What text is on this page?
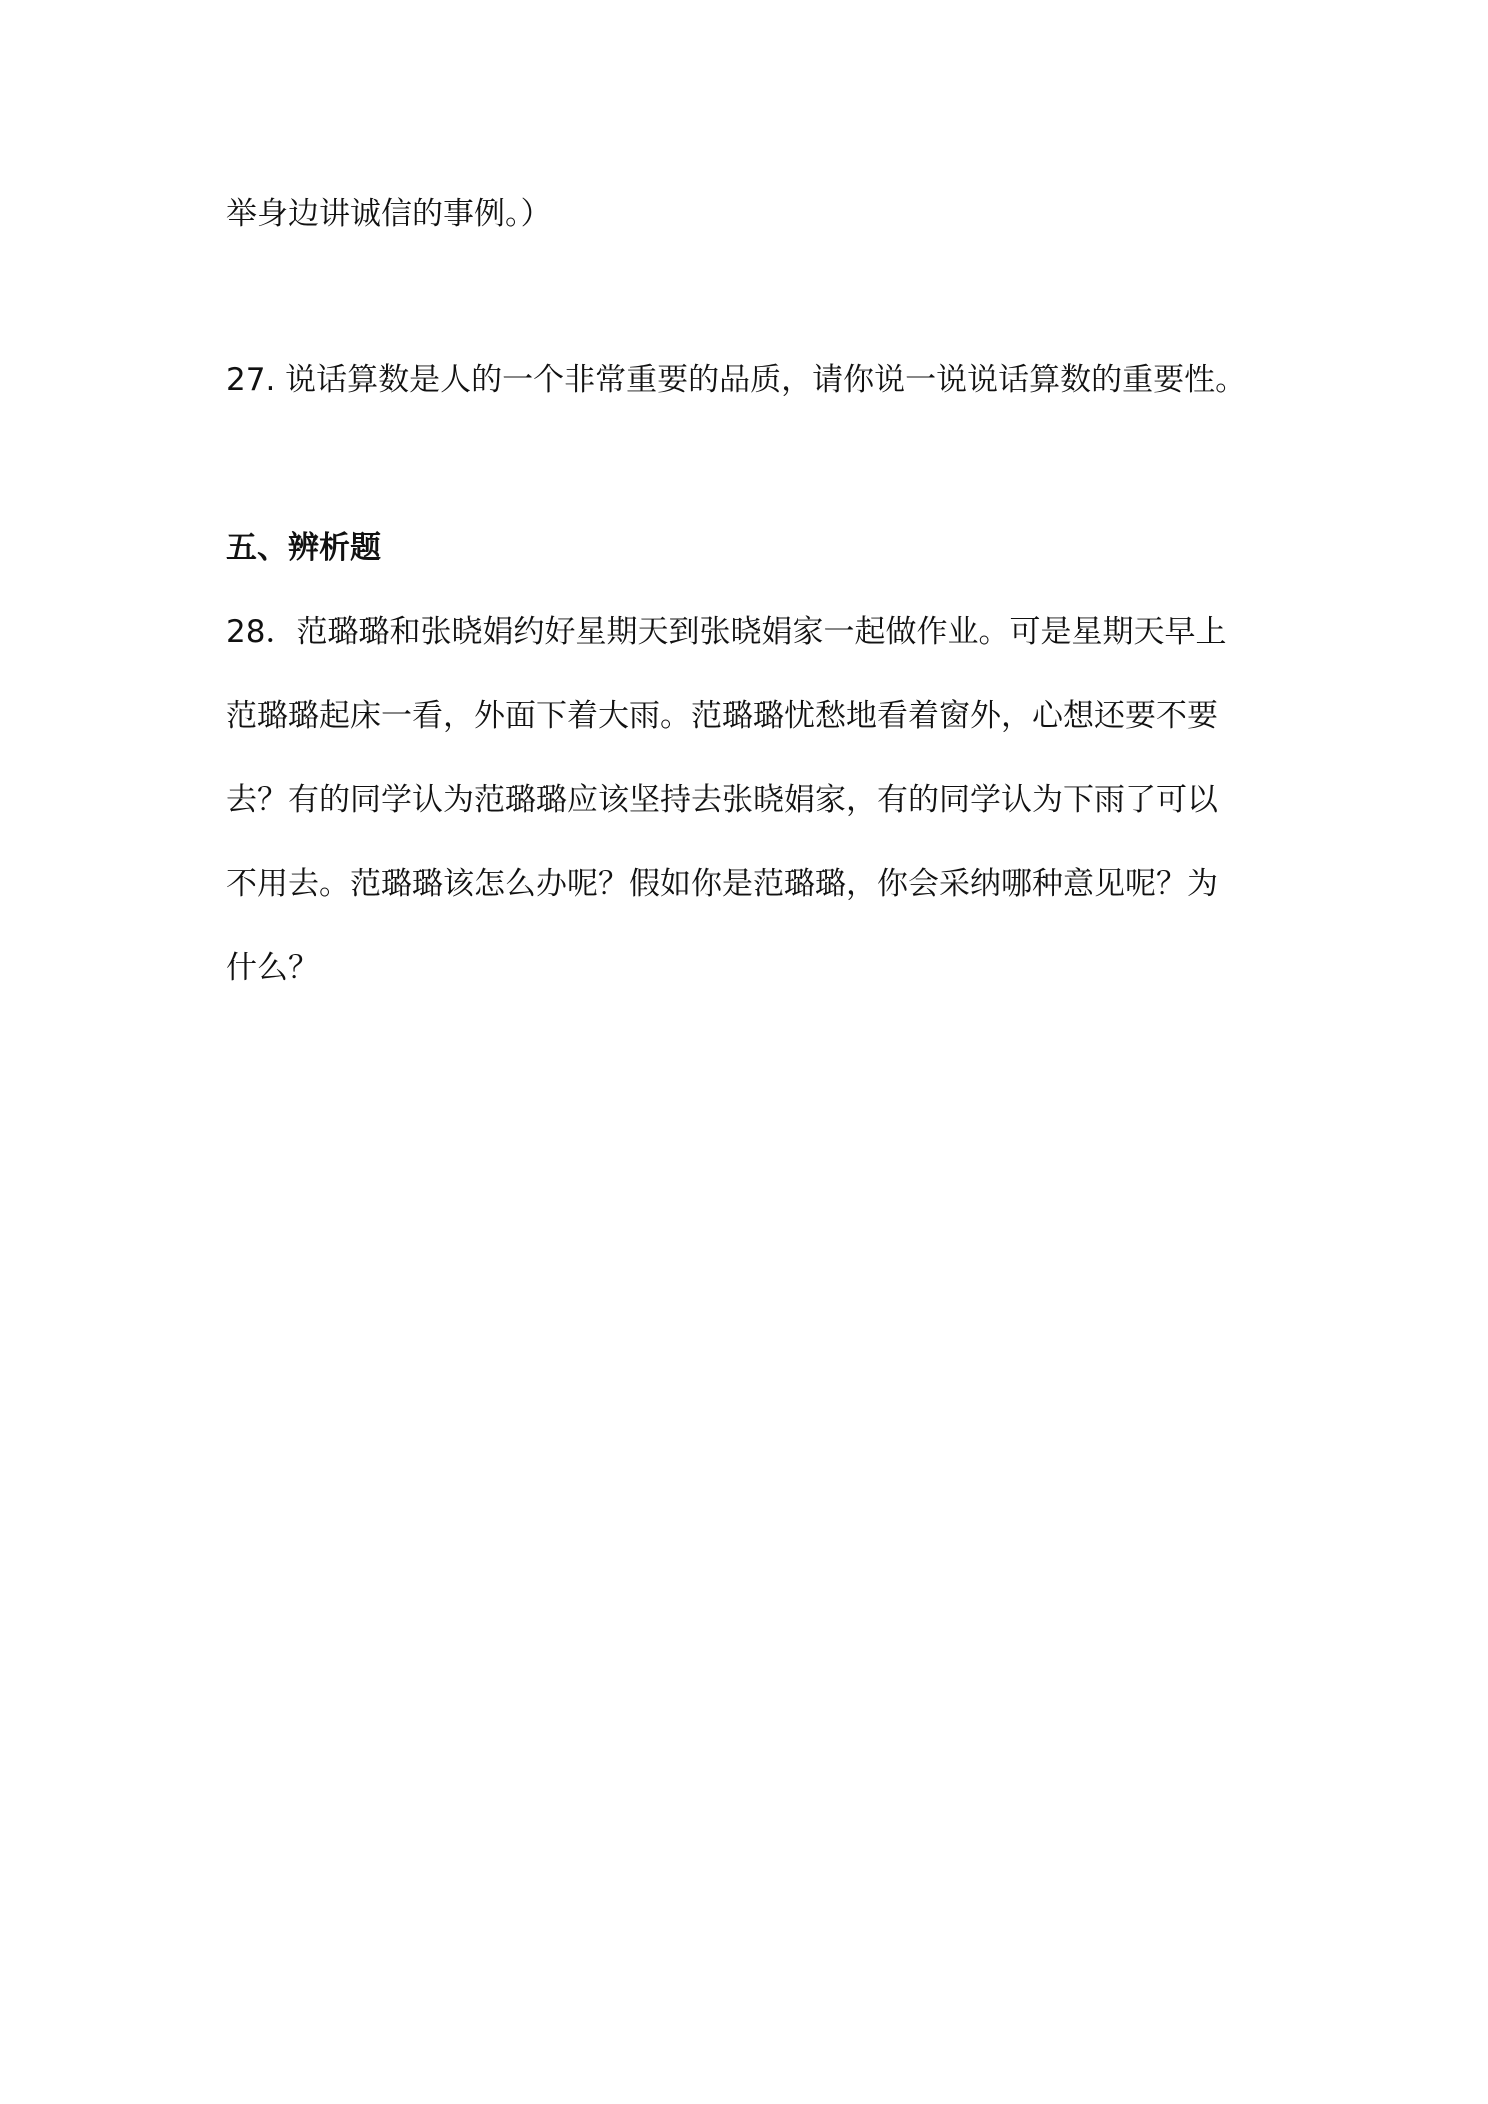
举身边讲诚信的事例。）
27. 说话算数是人的一个非常重要的品质，请你说一说说话算数的重要性。
五、辨析题
28．范璐璐和张晓娟约好星期天到张晓娟家一起做作业。可是星期天早上
范璐璐起床一看，外面下着大雨。范璐璐忧愁地看着窗外，心想还要不要
去？有的同学认为范璐璐应该坚持去张晓娟家，有的同学认为下雨了可以
不用去。范璐璐该怎么办呢？假如你是范璐璐，你会采纳哪种意见呢？为
什么？
